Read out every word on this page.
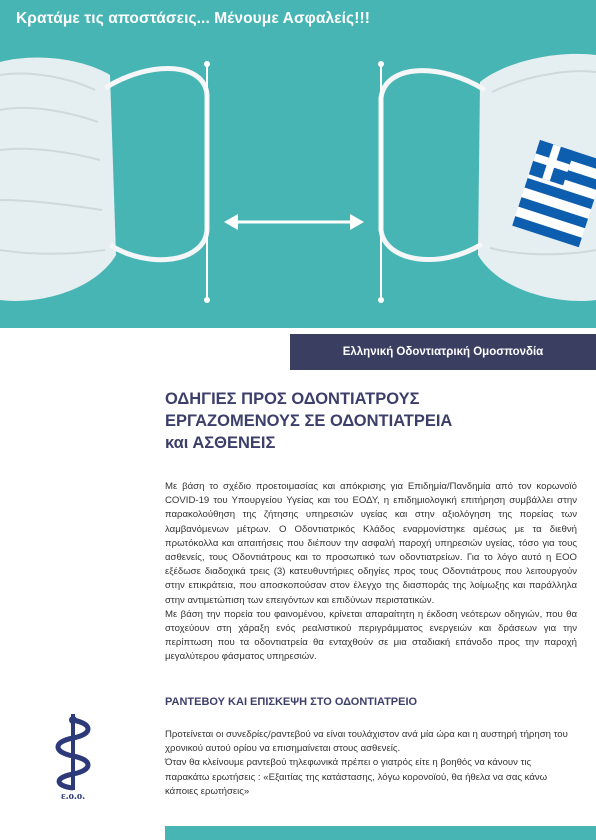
Κρατάμε τις αποστάσεις... Μένουμε Ασφαλείς!!!
Ελληνική Οδοντιατρική Ομοσπονδία
ΟΔΗΓΙΕΣ ΠΡΟΣ ΟΔΟΝΤΙΑΤΡΟΥΣ
ΕΡΓΑΖΟΜΕΝΟΥΣ ΣΕ ΟΔΟΝΤΙΑΤΡΕΙΑ
και ΑΣΘΕΝΕΙΣ

Με βάση το σχέδιο προετοιμασίας και απόκρισης για Επιδημία/Πανδημία από τον κορωνοϊό COVID-19 του Υπουργείου Υγείας και του ΕΟΔΥ, η επιδημιολογική επιτήρηση συμβάλλει στην παρακολούθηση της ζήτησης υπηρεσιών υγείας και στην αξιολόγηση της πορείας των λαμβανόμενων μέτρων. Ο Οδοντιατρικός Κλάδος εναρμονίστηκε αμέσως με τα διεθνή πρωτόκολλα και απαιτήσεις που διέπουν την ασφαλή παροχή υπηρεσιών υγείας, τόσο για τους ασθενείς, τους Οδοντιάτρους και το προσωπικό των οδοντιατρείων. Για το λόγο αυτό η ΕΟΟ εξέδωσε διαδοχικά τρεις (3) κατευθυντήριες οδηγίες προς τους Οδοντιάτρους που λειτουργούν στην επικράτεια, που αποσκοπούσαν στον έλεγχο της διασποράς της λοίμωξης και παράλληλα στην αντιμετώπιση των επειγόντων και επιδύνων περιστατικών.

Με βάση την πορεία του φαινομένου, κρίνεται απαραίτητη η έκδοση νεότερων οδηγιών, που θα στοχεύουν στη χάραξη ενός ρεαλιστικού περιγράμματος ενεργειών και δράσεων για την περίπτωση που τα οδοντιατρεία θα ενταχθούν σε μια σταδιακή επάνοδο προς την παροχή μεγαλύτερου φάσματος υπηρεσιών.

ΡΑΝΤΕΒΟΥ ΚΑΙ ΕΠΙΣΚΕΨΗ ΣΤΟ ΟΔΟΝΤΙΑΤΡΕΙΟ

Προτείνεται οι συνεδρίες/ραντεβού να είναι τουλάχιστον ανά μία ώρα και η αυστηρή τήρηση του χρονικού αυτού ορίου να επισημαίνεται στους ασθενείς.

Όταν θα κλείνουμε ραντεβού τηλεφωνικά πρέπει ο γιατρός είτε η βοηθός να κάνουν τις παρακάτω ερωτήσεις : «Εξαιτίας της κατάστασης, λόγω κορονοϊού, θα ήθελα να σας κάνω κάποιες ερωτήσεις»

ε.ο.ο.
